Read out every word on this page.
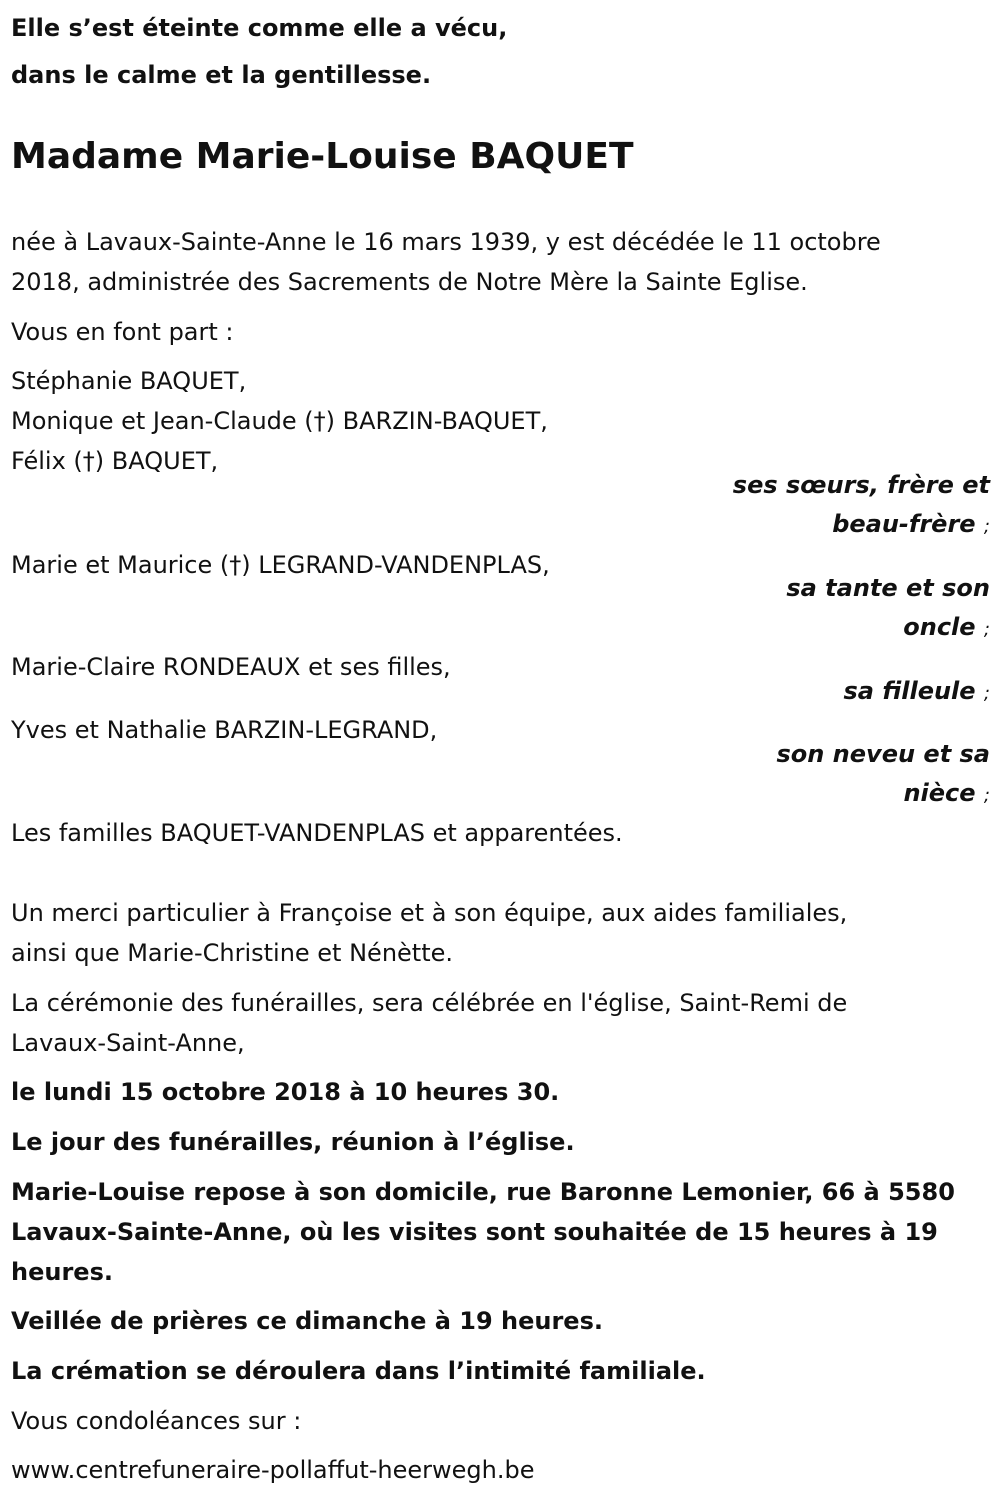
Elle s’est éteinte comme elle a vécu,
dans le calme et la gentillesse.
Madame Marie-Louise BAQUET
née à Lavaux-Sainte-Anne le 16 mars 1939, y est décédée le 11 octobre
2018, administrée des Sacrements de Notre Mère la Sainte Eglise.
Vous en font part :
Stéphanie BAQUET,
Monique et Jean-Claude (†) BARZIN-BAQUET,
Félix (†) BAQUET,
ses sœurs, frère et
beau-frère ;
Marie et Maurice (†) LEGRAND-VANDENPLAS,
sa tante et son
oncle ;
Marie-Claire RONDEAUX et ses filles,
sa filleule ;
Yves et Nathalie BARZIN-LEGRAND,
son neveu et sa
nièce ;
Les familles BAQUET-VANDENPLAS et apparentées.
Un merci particulier à Françoise et à son équipe, aux aides familiales,
ainsi que Marie-Christine et Nénètte.
La cérémonie des funérailles, sera célébrée en l'église, Saint-Remi de
Lavaux-Saint-Anne,
le lundi 15 octobre 2018 à 10 heures 30.
Le jour des funérailles, réunion à l’église.
Marie-Louise repose à son domicile, rue Baronne Lemonier, 66 à 5580
Lavaux-Sainte-Anne, où les visites sont souhaitée de 15 heures à 19
heures.
Veillée de prières ce dimanche à 19 heures.
La crémation se déroulera dans l’intimité familiale.
Vous condoléances sur :
www.centrefuneraire-pollaffut-heerwegh.be
